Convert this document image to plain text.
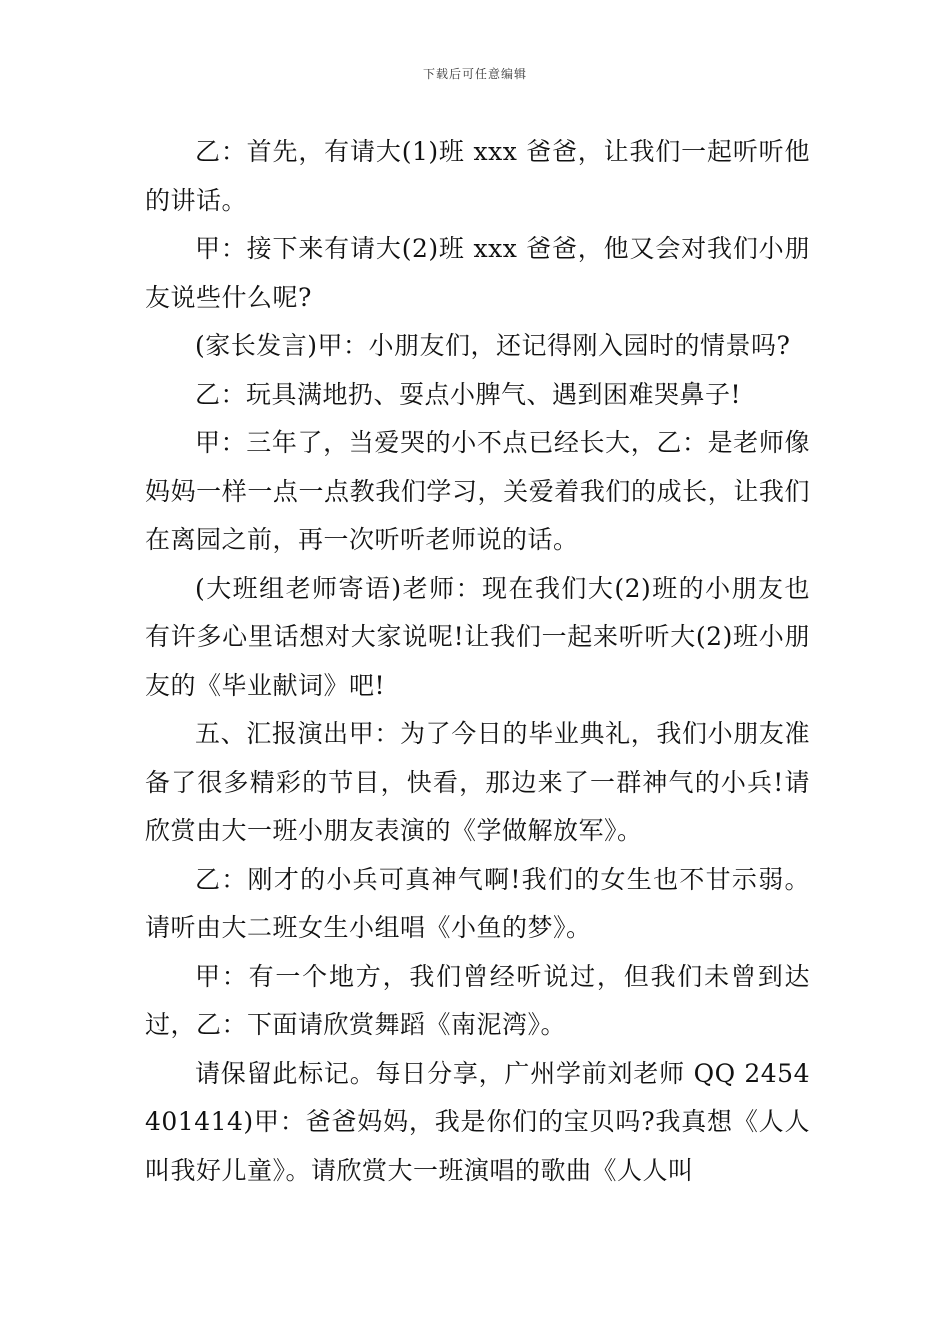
下载后可任意编辑

乙：首先，有请大(1)班 xxx 爸爸，让我们一起听听他的讲话。

甲：接下来有请大(2)班 xxx 爸爸，他又会对我们小朋友说些什么呢?

(家长发言)甲：小朋友们，还记得刚入园时的情景吗?

乙：玩具满地扔、耍点小脾气、遇到困难哭鼻子!

甲：三年了，当爱哭的小不点已经长大，乙：是老师像妈妈一样一点一点教我们学习，关爱着我们的成长，让我们在离园之前，再一次听听老师说的话。

(大班组老师寄语)老师：现在我们大(2)班的小朋友也有许多心里话想对大家说呢!让我们一起来听听大(2)班小朋友的《毕业献词》吧!

五、汇报演出甲：为了今日的毕业典礼，我们小朋友准备了很多精彩的节目，快看，那边来了一群神气的小兵!请欣赏由大一班小朋友表演的《学做解放军》。

乙：刚才的小兵可真神气啊!我们的女生也不甘示弱。请听由大二班女生小组唱《小鱼的梦》。

甲：有一个地方，我们曾经听说过，但我们未曾到达过，乙：下面请欣赏舞蹈《南泥湾》。

请保留此标记。每日分享，广州学前刘老师 QQ 2454401414)甲：爸爸妈妈，我是你们的宝贝吗?我真想《人人叫我好儿童》。请欣赏大一班演唱的歌曲《人人叫
